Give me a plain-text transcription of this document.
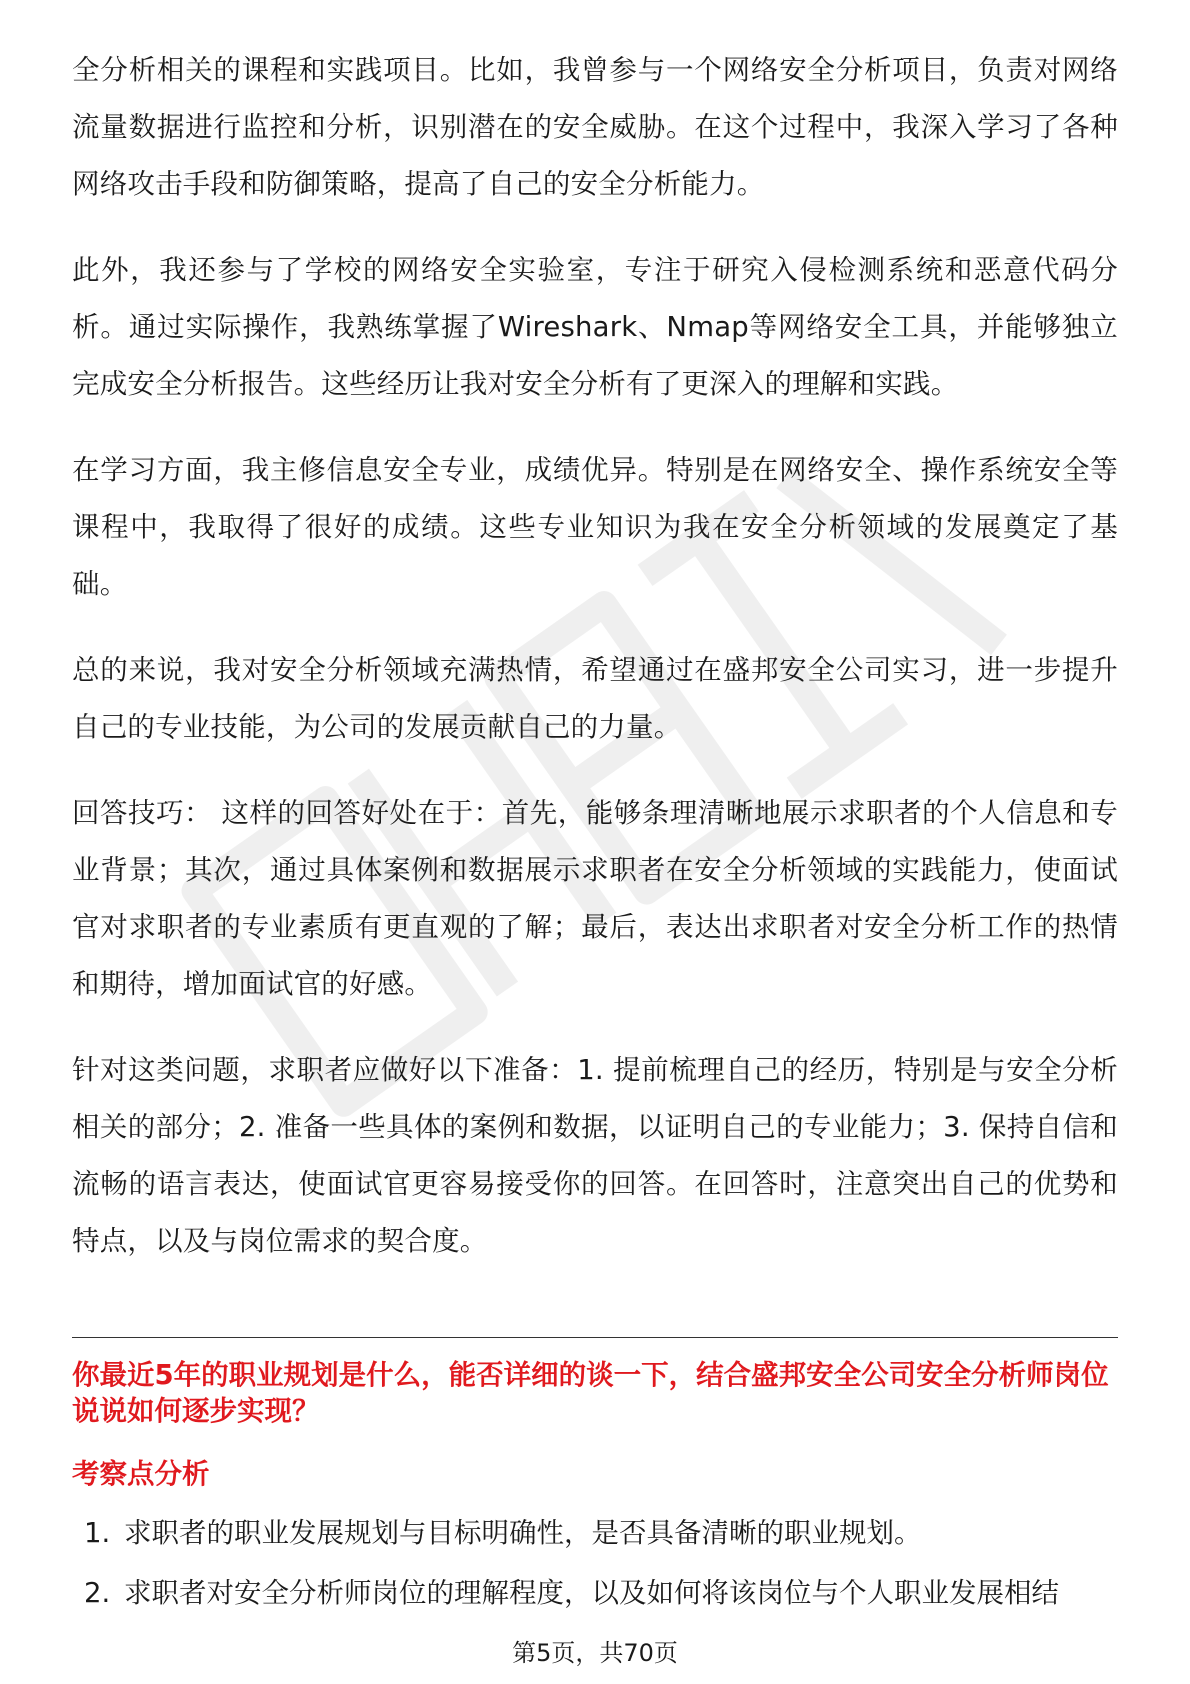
全分析相关的课程和实践项目。比如，我曾参与一个网络安全分析项目，负责对网络流量数据进行监控和分析，识别潜在的安全威胁。在这个过程中，我深入学习了各种网络攻击手段和防御策略，提高了自己的安全分析能力。

此外，我还参与了学校的网络安全实验室，专注于研究入侵检测系统和恶意代码分析。通过实际操作，我熟练掌握了Wireshark、Nmap等网络安全工具，并能够独立完成安全分析报告。这些经历让我对安全分析有了更深入的理解和实践。

在学习方面，我主修信息安全专业，成绩优异。特别是在网络安全、操作系统安全等课程中，我取得了很好的成绩。这些专业知识为我在安全分析领域的发展奠定了基础。

总的来说，我对安全分析领域充满热情，希望通过在盛邦安全公司实习，进一步提升自己的专业技能，为公司的发展贡献自己的力量。

回答技巧： 这样的回答好处在于：首先，能够条理清晰地展示求职者的个人信息和专业背景；其次，通过具体案例和数据展示求职者在安全分析领域的实践能力，使面试官对求职者的专业素质有更直观的了解；最后，表达出求职者对安全分析工作的热情和期待，增加面试官的好感。

针对这类问题，求职者应做好以下准备：1. 提前梳理自己的经历，特别是与安全分析相关的部分；2. 准备一些具体的案例和数据，以证明自己的专业能力；3. 保持自信和流畅的语言表达，使面试官更容易接受你的回答。在回答时，注意突出自己的优势和特点，以及与岗位需求的契合度。

你最近5年的职业规划是什么，能否详细的谈一下，结合盛邦安全公司安全分析师岗位说说如何逐步实现？

考察点分析

1. 求职者的职业发展规划与目标明确性，是否具备清晰的职业规划。
2. 求职者对安全分析师岗位的理解程度，以及如何将该岗位与个人职业发展相结
第5页，共70页
